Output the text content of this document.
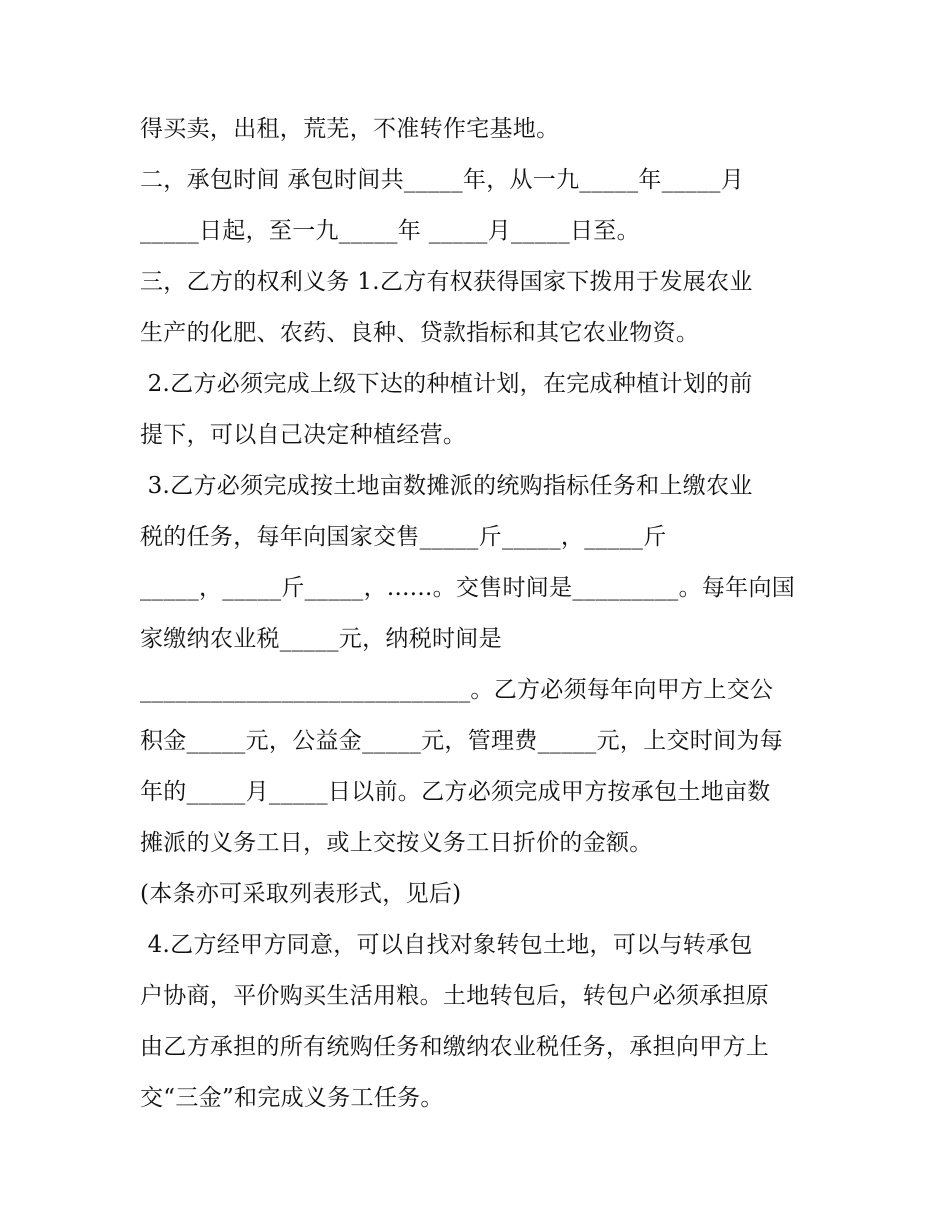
得买卖，出租，荒芜，不准转作宅基地。
二，承包时间 承包时间共_____年，从一九_____年_____月
_____日起，至一九_____年 _____月_____日至。
三，乙方的权利义务 1.乙方有权获得国家下拨用于发展农业
生产的化肥、农药、良种、贷款指标和其它农业物资。
2.乙方必须完成上级下达的种植计划，在完成种植计划的前
提下，可以自己决定种植经营。
3.乙方必须完成按土地亩数摊派的统购指标任务和上缴农业
税的任务，每年向国家交售_____斤_____，_____斤
_____，_____斤_____，......。交售时间是_________。每年向国
家缴纳农业税_____元，纳税时间是
____________________________。乙方必须每年向甲方上交公
积金_____元，公益金_____元，管理费_____元，上交时间为每
年的_____月_____日以前。乙方必须完成甲方按承包土地亩数
摊派的义务工日，或上交按义务工日折价的金额。
(本条亦可采取列表形式，见后)
4.乙方经甲方同意，可以自找对象转包土地，可以与转承包
户协商，平价购买生活用粮。土地转包后，转包户必须承担原
由乙方承担的所有统购任务和缴纳农业税任务，承担向甲方上
交“三金”和完成义务工任务。
